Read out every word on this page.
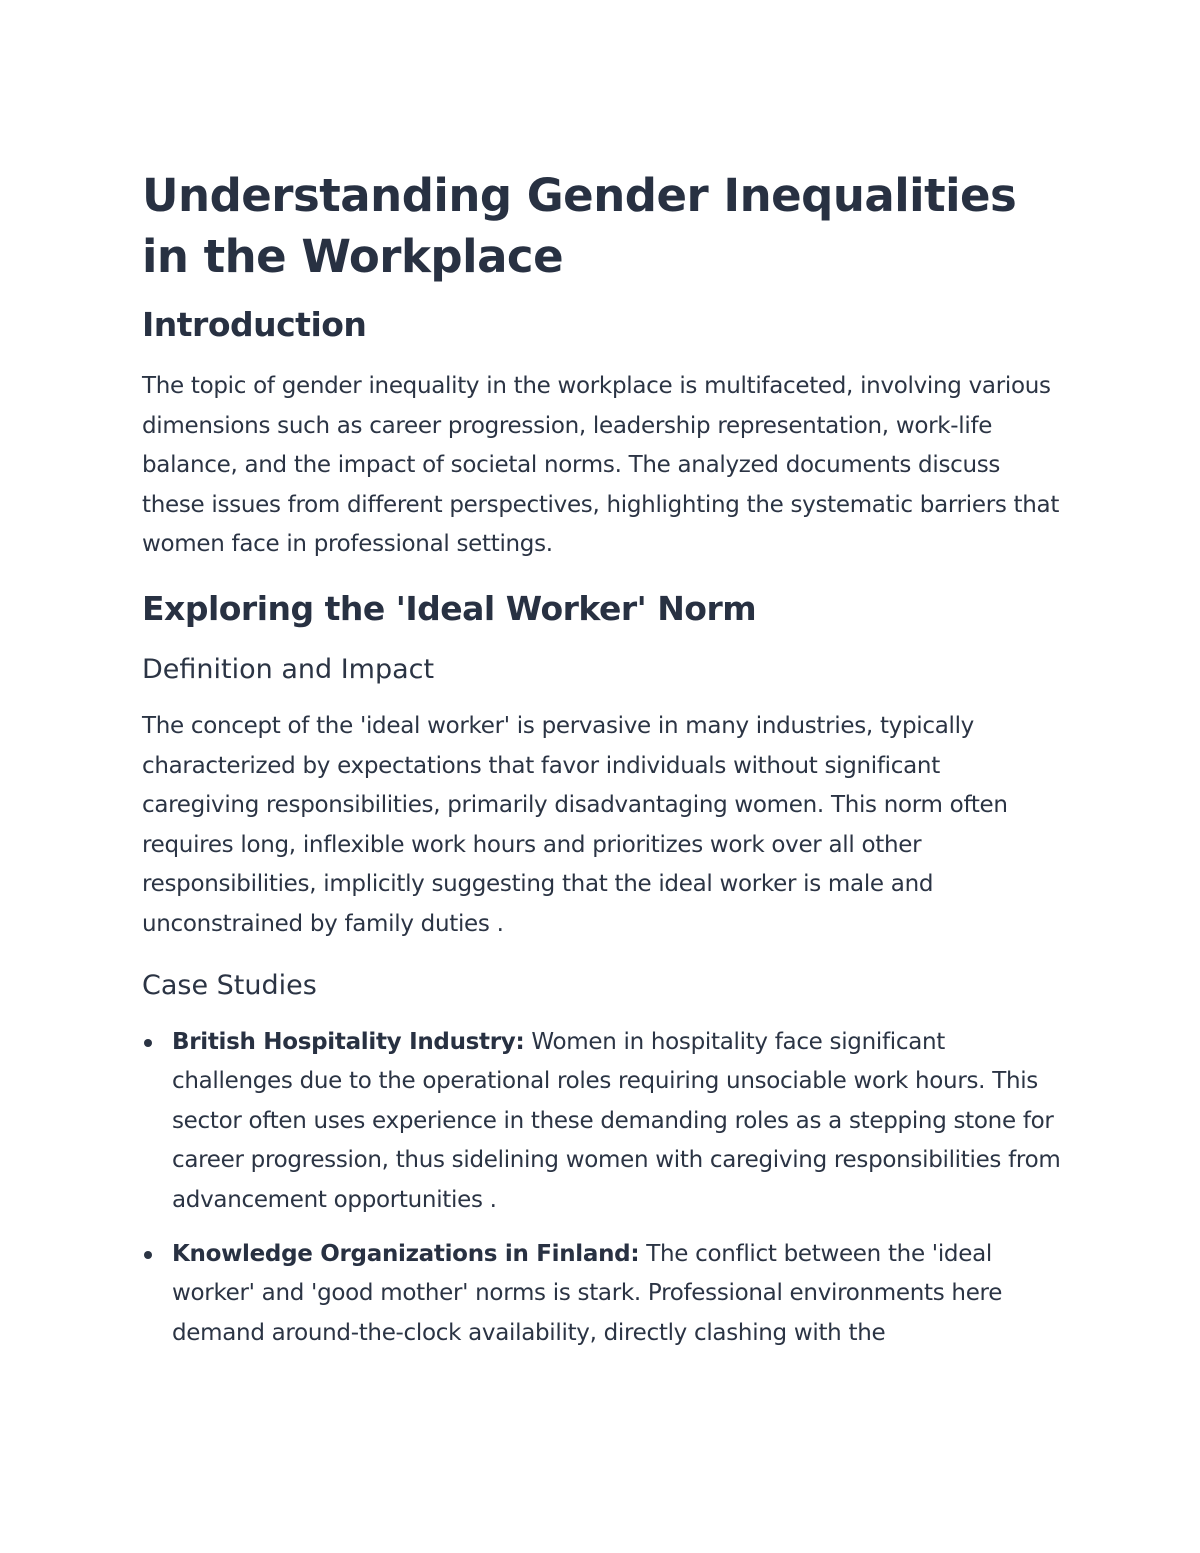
Understanding Gender Inequalities in the Workplace
Introduction

The topic of gender inequality in the workplace is multifaceted, involving various dimensions such as career progression, leadership representation, work-life balance, and the impact of societal norms. The analyzed documents discuss these issues from different perspectives, highlighting the systematic barriers that women face in professional settings.

Exploring the 'Ideal Worker' Norm
Definition and Impact

The concept of the 'ideal worker' is pervasive in many industries, typically characterized by expectations that favor individuals without significant caregiving responsibilities, primarily disadvantaging women. This norm often requires long, inflexible work hours and prioritizes work over all other responsibilities, implicitly suggesting that the ideal worker is male and unconstrained by family duties .

Case Studies
British Hospitality Industry: Women in hospitality face significant challenges due to the operational roles requiring unsociable work hours. This sector often uses experience in these demanding roles as a stepping stone for career progression, thus sidelining women with caregiving responsibilities from advancement opportunities .
Knowledge Organizations in Finland: The conflict between the 'ideal worker' and 'good mother' norms is stark. Professional environments here demand around-the-clock availability, directly clashing with the
